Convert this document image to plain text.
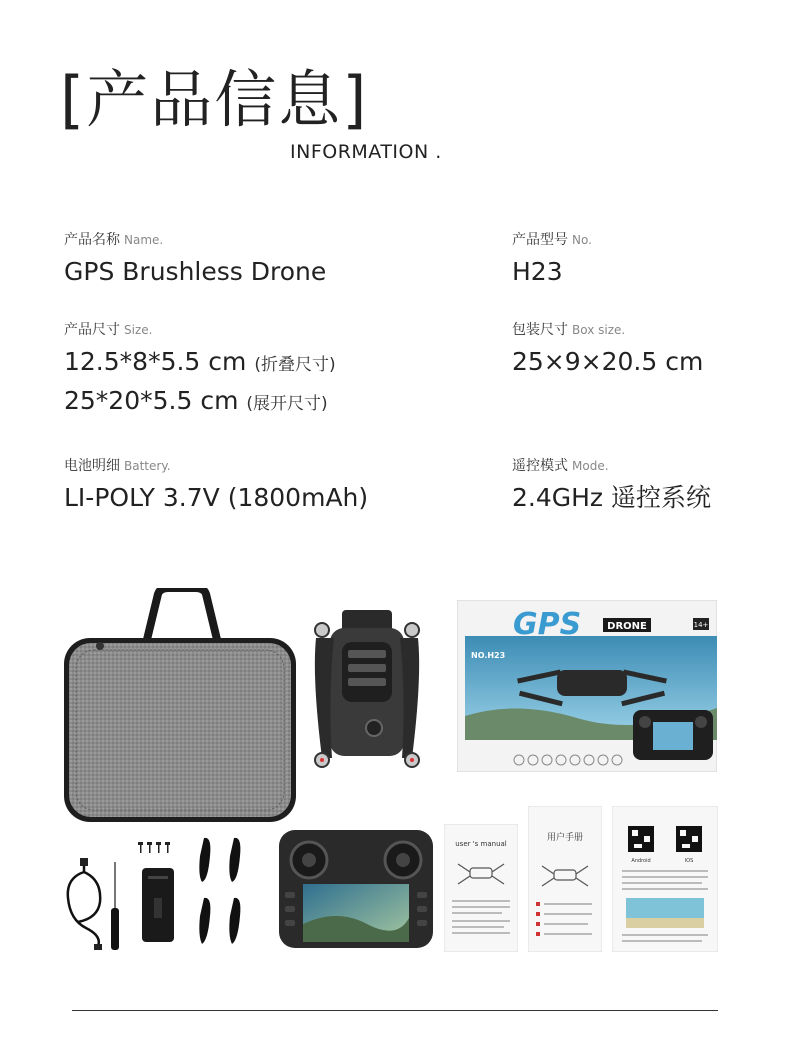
[产品信息]
INFORMATION .
产品名称 Name.
GPS Brushless Drone
产品型号 No.
H23
产品尺寸 Size.
12.5*8*5.5 cm (折叠尺寸)
25*20*5.5 cm (展开尺寸)
包装尺寸 Box size.
25×9×20.5 cm
电池明细 Battery.
LI-POLY 3.7V (1800mAh)
遥控模式 Mode.
2.4GHz 遥控系统
GPS	DRONE	14+
NO.H23
user 's manual
用户手册
Android	IOS
